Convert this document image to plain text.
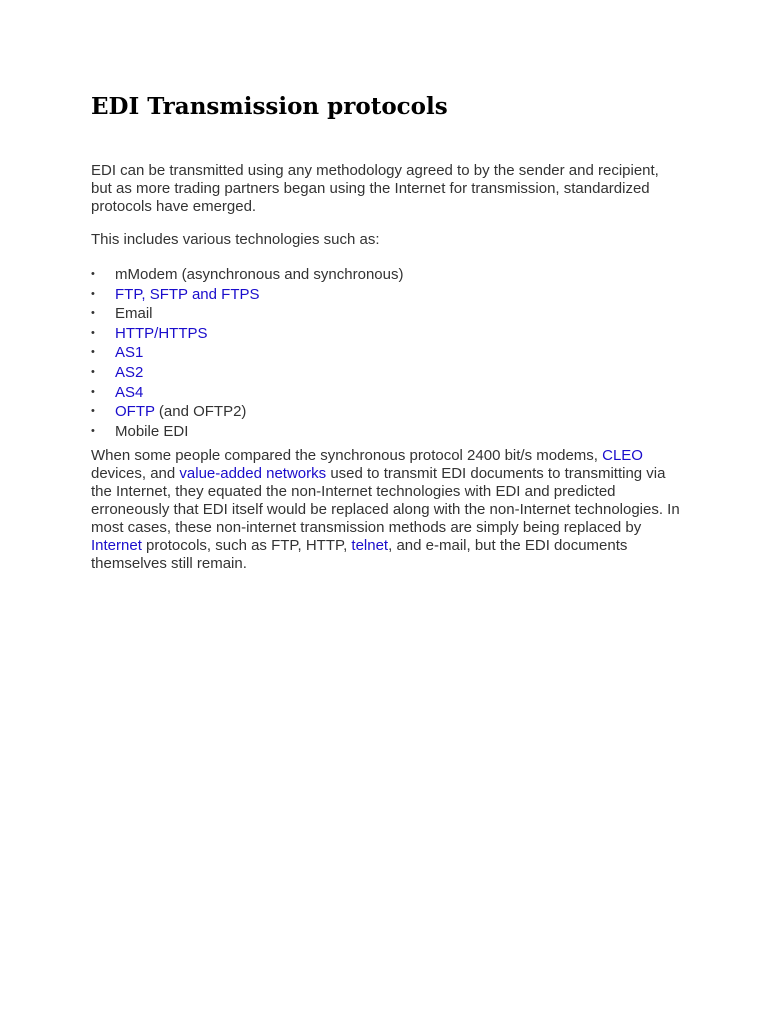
EDI Transmission protocols

EDI can be transmitted using any methodology agreed to by the sender and recipient, but as more trading partners began using the Internet for transmission, standardized protocols have emerged.

This includes various technologies such as:

•	mModem (asynchronous and synchronous)
•	FTP, SFTP and FTPS
•	Email
•	HTTP/HTTPS
•	AS1
•	AS2
•	AS4
•	OFTP (and OFTP2)
•	Mobile EDI

When some people compared the synchronous protocol 2400 bit/s modems, CLEO devices, and value-added networks used to transmit EDI documents to transmitting via the Internet, they equated the non-Internet technologies with EDI and predicted erroneously that EDI itself would be replaced along with the non-Internet technologies. In most cases, these non-internet transmission methods are simply being replaced by Internet protocols, such as FTP, HTTP, telnet, and e-mail, but the EDI documents themselves still remain.
